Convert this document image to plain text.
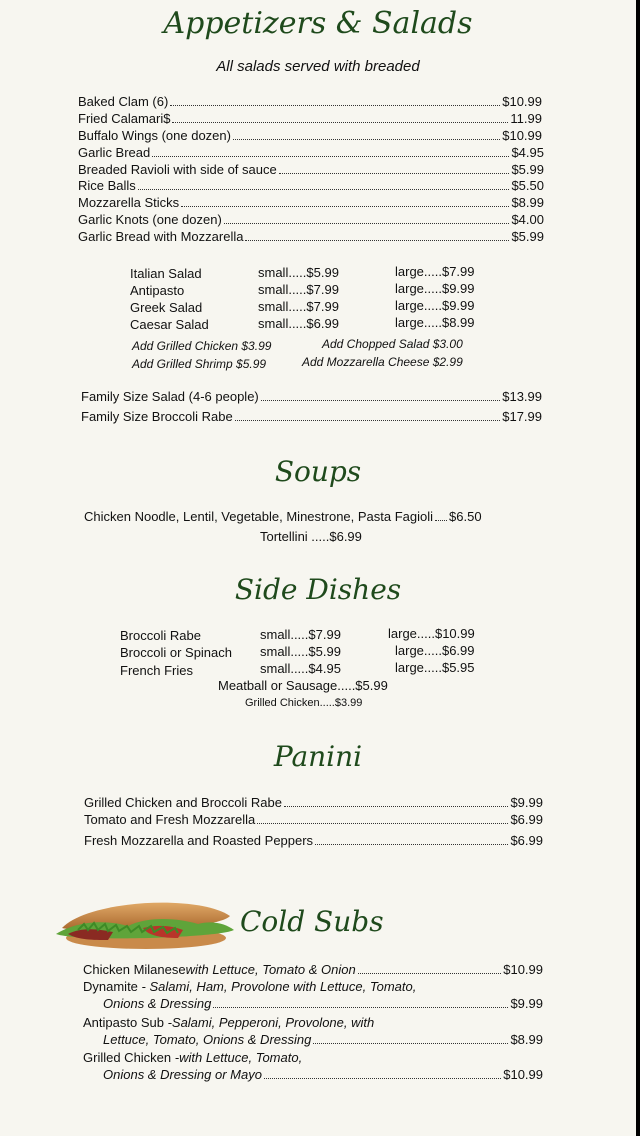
Appetizers & Salads
All salads served with breaded
Baked Clam (6)	$10.99
Fried Calamari$	11.99
Buffalo Wings (one dozen)	$10.99
Garlic Bread	$4.95
Breaded Ravioli with side of sauce	$5.99
Rice Balls	$5.50
Mozzarella Sticks	$8.99
Garlic Knots (one dozen)	$4.00
Garlic Bread with Mozzarella	$5.99
Italian Salad	small.....$5.99	large.....$7.99
Antipasto	small.....$7.99	large.....$9.99
Greek Salad	small.....$7.99	large.....$9.99
Caesar Salad	small.....$6.99	large.....$8.99
Add Grilled Chicken $3.99	Add Chopped Salad $3.00
Add Grilled Shrimp $5.99	Add Mozzarella Cheese $2.99
Family Size Salad (4-6 people)	$13.99
Family Size Broccoli Rabe	$17.99
Soups
Chicken Noodle, Lentil, Vegetable, Minestrone, Pasta Fagioli $6.50
Tortellini .....$6.99
Side Dishes
Broccoli Rabe	small.....$7.99	large.....$10.99
Broccoli or Spinach small.....$5.99	large.....$6.99
French Fries	small.....$4.95	large.....$5.95
Meatball or Sausage.....$5.99
Grilled Chicken.....$3.99
Panini
Grilled Chicken and Broccoli Rabe	$9.99
Tomato and Fresh Mozzarella	$6.99
Fresh Mozzarella and Roasted Peppers	$6.99
Cold Subs
Chicken Milanese with Lettuce, Tomato & Onion	$10.99
Dynamite - Salami, Ham, Provolone with Lettuce, Tomato,
Onions & Dressing	$9.99
Antipasto Sub -Salami, Pepperoni, Provolone, with
Lettuce, Tomato, Onions & Dressing	$8.99
Grilled Chicken -with Lettuce, Tomato,
Onions & Dressing or Mayo	$10.99
